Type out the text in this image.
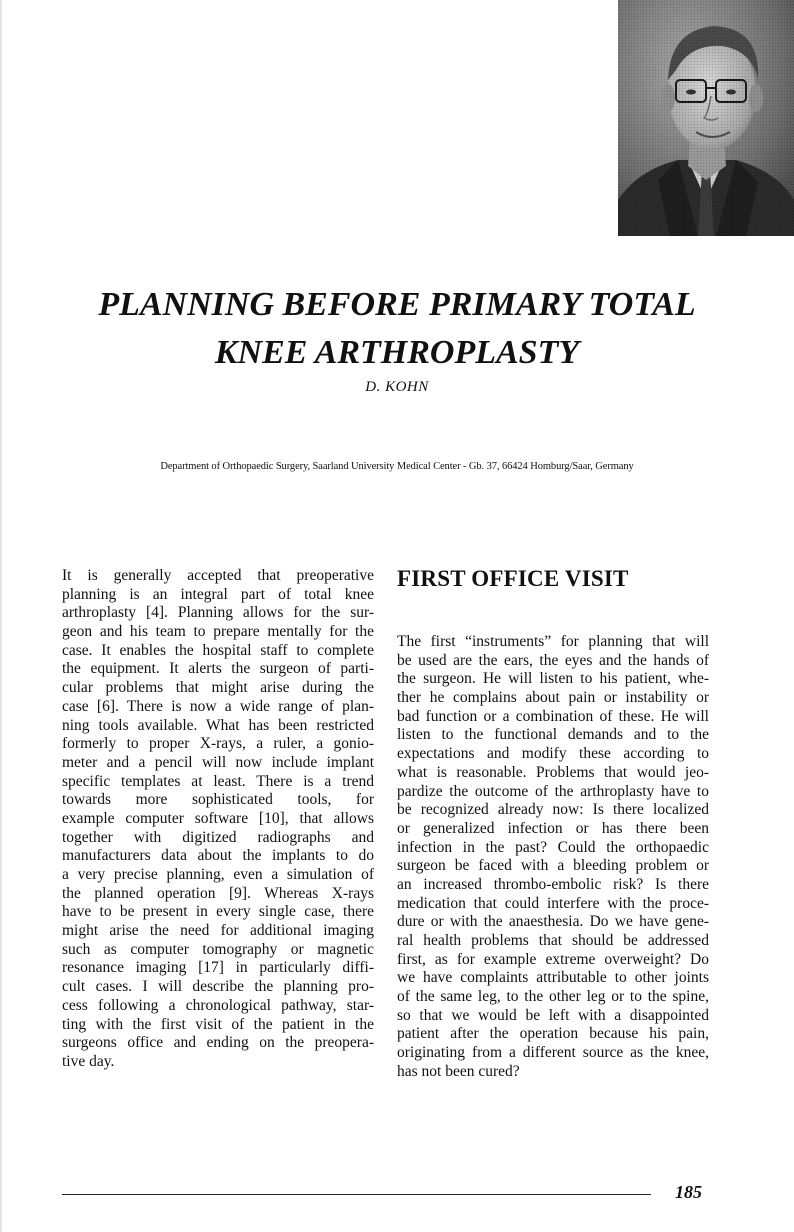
PLANNING BEFORE PRIMARY TOTAL
KNEE ARTHROPLASTY
D. KOHN
Department of Orthopaedic Surgery, Saarland University Medical Center - Gb. 37, 66424 Homburg/Saar, Germany
It is generally accepted that preoperative
planning is an integral part of total knee
arthroplasty [4]. Planning allows for the sur-
geon and his team to prepare mentally for the
case. It enables the hospital staff to complete
the equipment. It alerts the surgeon of parti-
cular problems that might arise during the
case [6]. There is now a wide range of plan-
ning tools available. What has been restricted
formerly to proper X-rays, a ruler, a gonio-
meter and a pencil will now include implant
specific templates at least. There is a trend
towards more sophisticated tools, for
example computer software [10], that allows
together with digitized radiographs and
manufacturers data about the implants to do
a very precise planning, even a simulation of
the planned operation [9]. Whereas X-rays
have to be present in every single case, there
might arise the need for additional imaging
such as computer tomography or magnetic
resonance imaging [17] in particularly diffi-
cult cases. I will describe the planning pro-
cess following a chronological pathway, star-
ting with the first visit of the patient in the
surgeons office and ending on the preopera-
tive day.
FIRST OFFICE VISIT
The first “instruments” for planning that will
be used are the ears, the eyes and the hands of
the surgeon. He will listen to his patient, whe-
ther he complains about pain or instability or
bad function or a combination of these. He will
listen to the functional demands and to the
expectations and modify these according to
what is reasonable. Problems that would jeo-
pardize the outcome of the arthroplasty have to
be recognized already now: Is there localized
or generalized infection or has there been
infection in the past? Could the orthopaedic
surgeon be faced with a bleeding problem or
an increased thrombo-embolic risk? Is there
medication that could interfere with the proce-
dure or with the anaesthesia. Do we have gene-
ral health problems that should be addressed
first, as for example extreme overweight? Do
we have complaints attributable to other joints
of the same leg, to the other leg or to the spine,
so that we would be left with a disappointed
patient after the operation because his pain,
originating from a different source as the knee,
has not been cured?
185
